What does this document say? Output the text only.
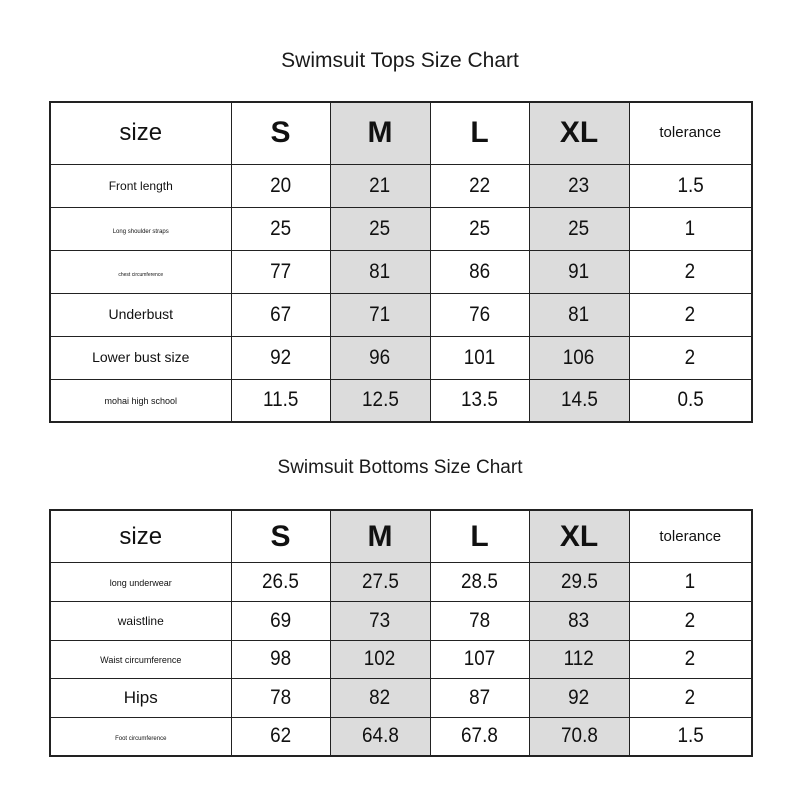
Swimsuit Tops Size Chart
size	S	M	L	XL	tolerance
Front length	20	21	22	23	1.5
Long shoulder straps	25	25	25	25	1
chest circumference	77	81	86	91	2
Underbust	67	71	76	81	2
Lower bust size	92	96	101	106	2
mohai high school	11.5	12.5	13.5	14.5	0.5
Swimsuit Bottoms Size Chart
size	S	M	L	XL	tolerance
long underwear	26.5	27.5	28.5	29.5	1
waistline	69	73	78	83	2
Waist circumference	98	102	107	112	2
Hips	78	82	87	92	2
Foot circumference	62	64.8	67.8	70.8	1.5
